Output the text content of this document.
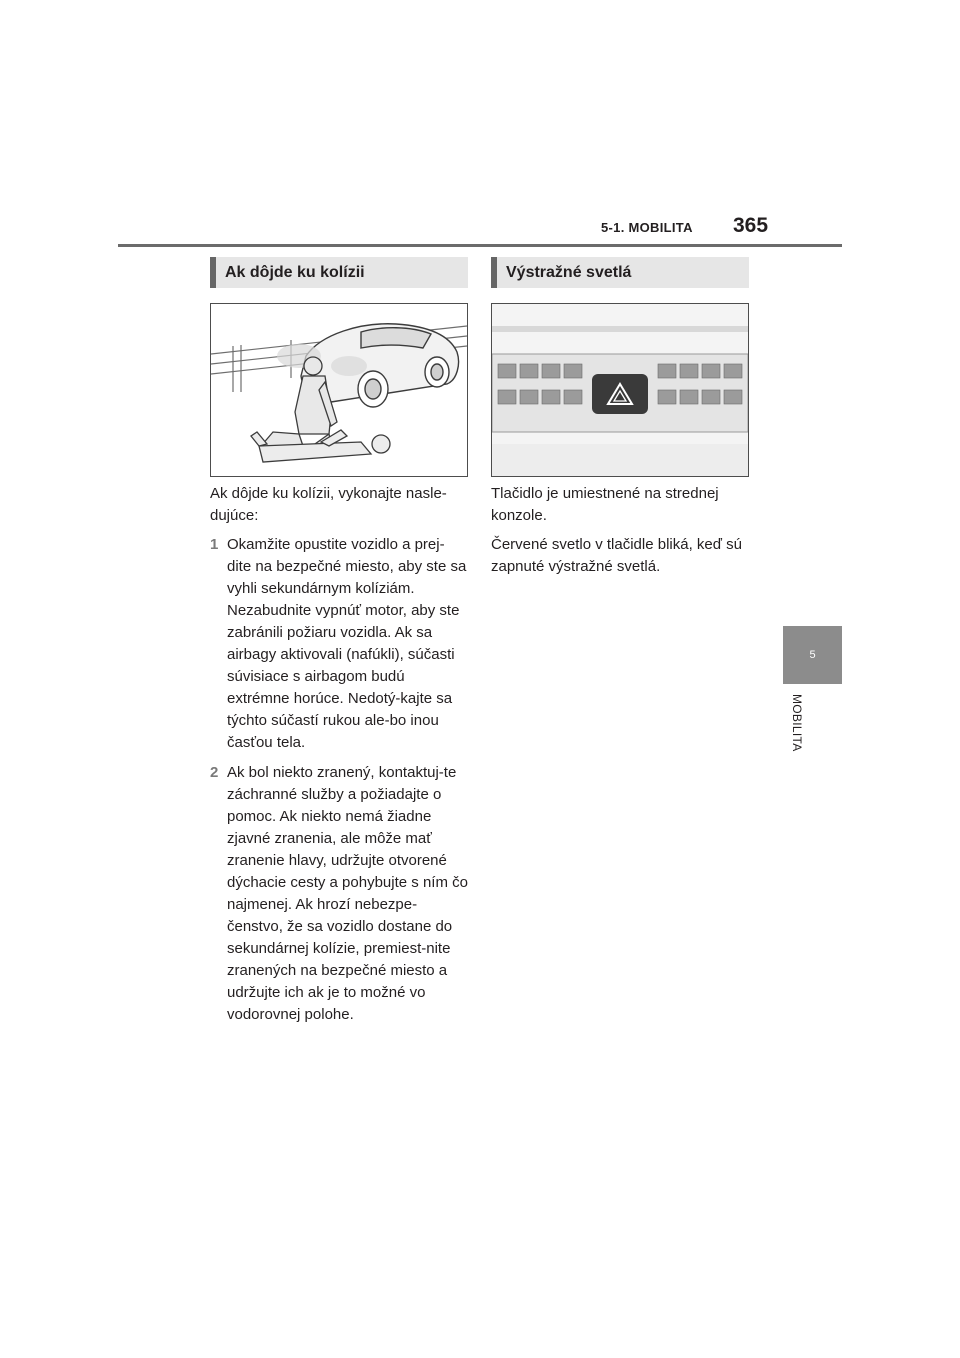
5-1. MOBILITA 365
5
MOBILITA
Ak dôjde ku kolízii

Ak dôjde ku kolízii, vykonajte nasle-dujúce:

1 Okamžite opustite vozidlo a prej-dite na bezpečné miesto, aby ste sa vyhli sekundárnym kolíziám. Nezabudnite vypnúť motor, aby ste zabránili požiaru vozidla. Ak sa airbagy aktivovali (nafúkli), súčasti súvisiace s airbagom budú extrémne horúce. Nedotý-kajte sa týchto súčastí rukou ale-bo inou časťou tela.
2 Ak bol niekto zranený, kontaktuj-te záchranné služby a požiadajte o pomoc. Ak niekto nemá žiadne zjavné zranenia, ale môže mať zranenie hlavy, udržujte otvorené dýchacie cesty a pohybujte s ním čo najmenej. Ak hrozí nebezpe-čenstvo, že sa vozidlo dostane do sekundárnej kolízie, premiest-nite zranených na bezpečné miesto a udržujte ich ak je to možné vo vodorovnej polohe.
Výstražné svetlá

Tlačidlo je umiestnené na strednej konzole.

Červené svetlo v tlačidle bliká, keď sú zapnuté výstražné svetlá.
